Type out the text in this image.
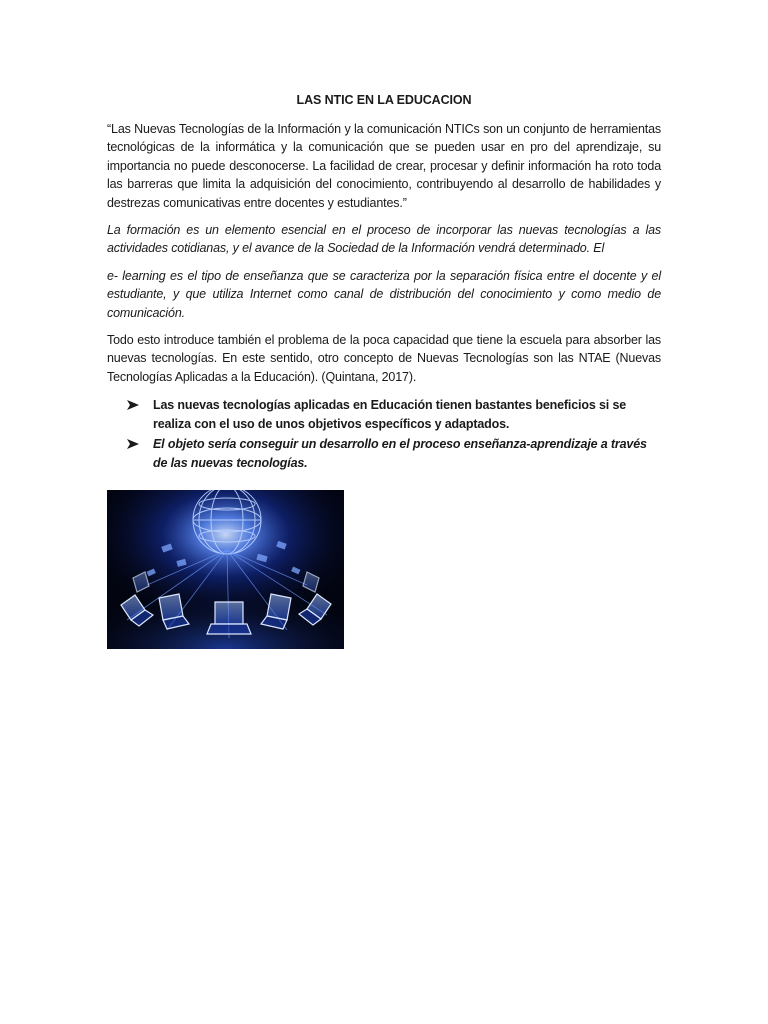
LAS NTIC EN LA EDUCACION

“Las Nuevas Tecnologías de la Información y la comunicación NTICs son un conjunto de herramientas tecnológicas de la informática y la comunicación que se pueden usar en pro del aprendizaje, su importancia no puede desconocerse. La facilidad de crear, procesar y definir información ha roto toda las barreras que limita la adquisición del conocimiento, contribuyendo al desarrollo de habilidades y destrezas comunicativas entre docentes y estudiantes.”

La formación es un elemento esencial en el proceso de incorporar las nuevas tecnologías a las actividades cotidianas, y el avance de la Sociedad de la Información vendrá determinado. El

e- learning es el tipo de enseñanza que se caracteriza por la separación física entre el docente y el estudiante, y que utiliza Internet como canal de distribución del conocimiento y como medio de comunicación.

Todo esto introduce también el problema de la poca capacidad que tiene la escuela para absorber las nuevas tecnologías. En este sentido, otro concepto de Nuevas Tecnologías son las NTAE (Nuevas Tecnologías Aplicadas a la Educación). (Quintana, 2017).

Las nuevas tecnologías aplicadas en Educación tienen bastantes beneficios si se realiza con el uso de unos objetivos específicos y adaptados.
El objeto sería conseguir un desarrollo en el proceso enseñanza-aprendizaje a través de las nuevas tecnologías.
